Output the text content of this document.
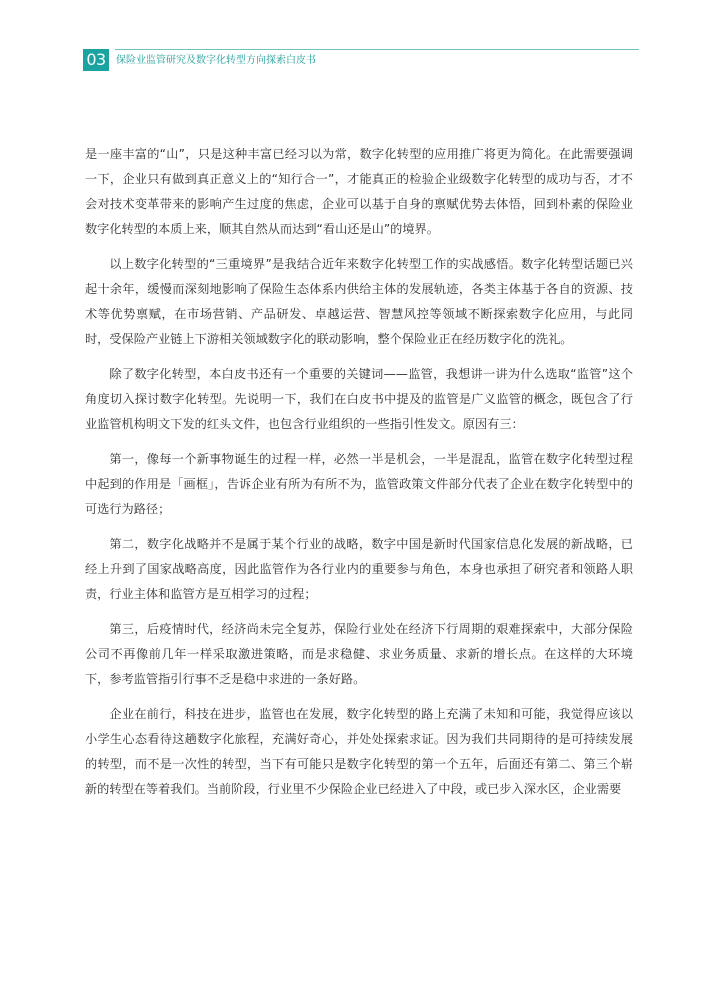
03	保险业监管研究及数字化转型方向探索白皮书

是一座丰富的“山”，只是这种丰富已经习以为常，数字化转型的应用推广将更为简化。在此需要强调一下，企业只有做到真正意义上的“知行合一”，才能真正的检验企业级数字化转型的成功与否，才不会对技术变革带来的影响产生过度的焦虑，企业可以基于自身的禀赋优势去体悟，回到朴素的保险业数字化转型的本质上来，顺其自然从而达到“看山还是山”的境界。

以上数字化转型的“三重境界”是我结合近年来数字化转型工作的实战感悟。数字化转型话题已兴起十余年，缓慢而深刻地影响了保险生态体系内供给主体的发展轨迹，各类主体基于各自的资源、技术等优势禀赋，在市场营销、产品研发、卓越运营、智慧风控等领域不断探索数字化应用，与此同时，受保险产业链上下游相关领域数字化的联动影响，整个保险业正在经历数字化的洗礼。

除了数字化转型，本白皮书还有一个重要的关键词——监管，我想讲一讲为什么选取“监管”这个角度切入探讨数字化转型。先说明一下，我们在白皮书中提及的监管是广义监管的概念，既包含了行业监管机构明文下发的红头文件，也包含行业组织的一些指引性发文。原因有三：

第一，像每一个新事物诞生的过程一样，必然一半是机会，一半是混乱，监管在数字化转型过程中起到的作用是「画框」，告诉企业有所为有所不为，监管政策文件部分代表了企业在数字化转型中的可选行为路径；

第二，数字化战略并不是属于某个行业的战略，数字中国是新时代国家信息化发展的新战略，已经上升到了国家战略高度，因此监管作为各行业内的重要参与角色，本身也承担了研究者和领路人职责，行业主体和监管方是互相学习的过程；

第三，后疫情时代，经济尚未完全复苏，保险行业处在经济下行周期的艰难探索中，大部分保险公司不再像前几年一样采取激进策略，而是求稳健、求业务质量、求新的增长点。在这样的大环境下，参考监管指引行事不乏是稳中求进的一条好路。

企业在前行，科技在进步，监管也在发展，数字化转型的路上充满了未知和可能，我觉得应该以小学生心态看待这趟数字化旅程，充满好奇心，并处处探索求证。因为我们共同期待的是可持续发展的转型，而不是一次性的转型，当下有可能只是数字化转型的第一个五年，后面还有第二、第三个崭新的转型在等着我们。当前阶段，行业里不少保险企业已经进入了中段，或已步入深水区，企业需要
